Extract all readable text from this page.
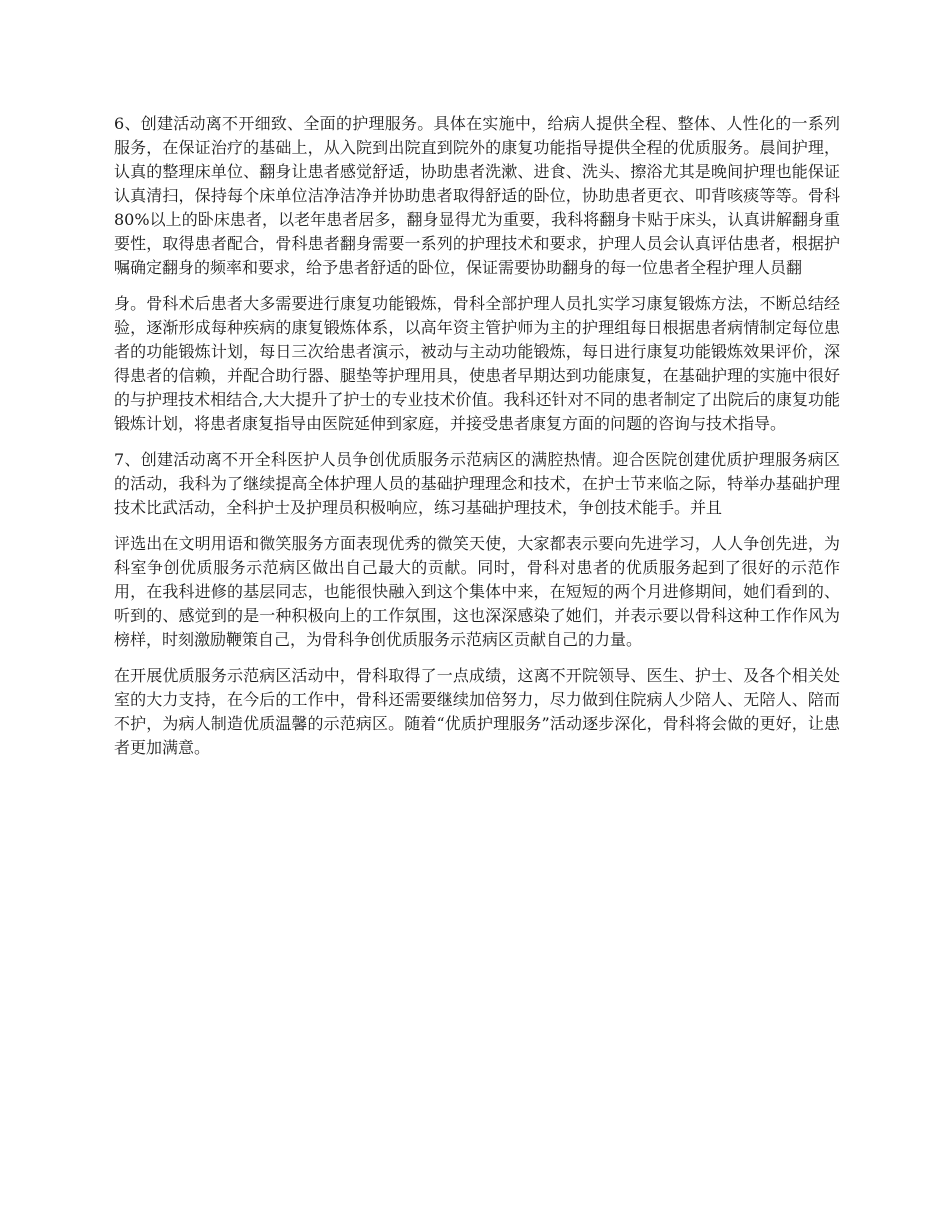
6、创建活动离不开细致、全面的护理服务。具体在实施中，给病人提供全程、整体、人性化的一系列服务，在保证治疗的基础上，从入院到出院直到院外的康复功能指导提供全程的优质服务。晨间护理，认真的整理床单位、翻身让患者感觉舒适，协助患者洗漱、进食、洗头、擦浴尤其是晚间护理也能保证认真清扫，保持每个床单位洁净洁净并协助患者取得舒适的卧位，协助患者更衣、叩背咳痰等等。骨科80%以上的卧床患者，以老年患者居多，翻身显得尤为重要，我科将翻身卡贴于床头，认真讲解翻身重要性，取得患者配合，骨科患者翻身需要一系列的护理技术和要求，护理人员会认真评估患者，根据护嘱确定翻身的频率和要求，给予患者舒适的卧位，保证需要协助翻身的每一位患者全程护理人员翻

身。骨科术后患者大多需要进行康复功能锻炼，骨科全部护理人员扎实学习康复锻炼方法，不断总结经验，逐渐形成每种疾病的康复锻炼体系，以高年资主管护师为主的护理组每日根据患者病情制定每位患者的功能锻炼计划，每日三次给患者演示，被动与主动功能锻炼，每日进行康复功能锻炼效果评价，深得患者的信赖，并配合助行器、腿垫等护理用具，使患者早期达到功能康复，在基础护理的实施中很好的与护理技术相结合,大大提升了护士的专业技术价值。我科还针对不同的患者制定了出院后的康复功能锻炼计划，将患者康复指导由医院延伸到家庭，并接受患者康复方面的问题的咨询与技术指导。

7、创建活动离不开全科医护人员争创优质服务示范病区的满腔热情。迎合医院创建优质护理服务病区的活动，我科为了继续提高全体护理人员的基础护理理念和技术，在护士节来临之际，特举办基础护理技术比武活动，全科护士及护理员积极响应，练习基础护理技术，争创技术能手。并且

评选出在文明用语和微笑服务方面表现优秀的微笑天使，大家都表示要向先进学习，人人争创先进，为科室争创优质服务示范病区做出自己最大的贡献。同时，骨科对患者的优质服务起到了很好的示范作用，在我科进修的基层同志，也能很快融入到这个集体中来，在短短的两个月进修期间，她们看到的、听到的、感觉到的是一种积极向上的工作氛围，这也深深感染了她们，并表示要以骨科这种工作作风为榜样，时刻激励鞭策自己，为骨科争创优质服务示范病区贡献自己的力量。

在开展优质服务示范病区活动中，骨科取得了一点成绩，这离不开院领导、医生、护士、及各个相关处室的大力支持，在今后的工作中，骨科还需要继续加倍努力，尽力做到住院病人少陪人、无陪人、陪而不护，为病人制造优质温馨的示范病区。随着“优质护理服务”活动逐步深化，骨科将会做的更好，让患者更加满意。
